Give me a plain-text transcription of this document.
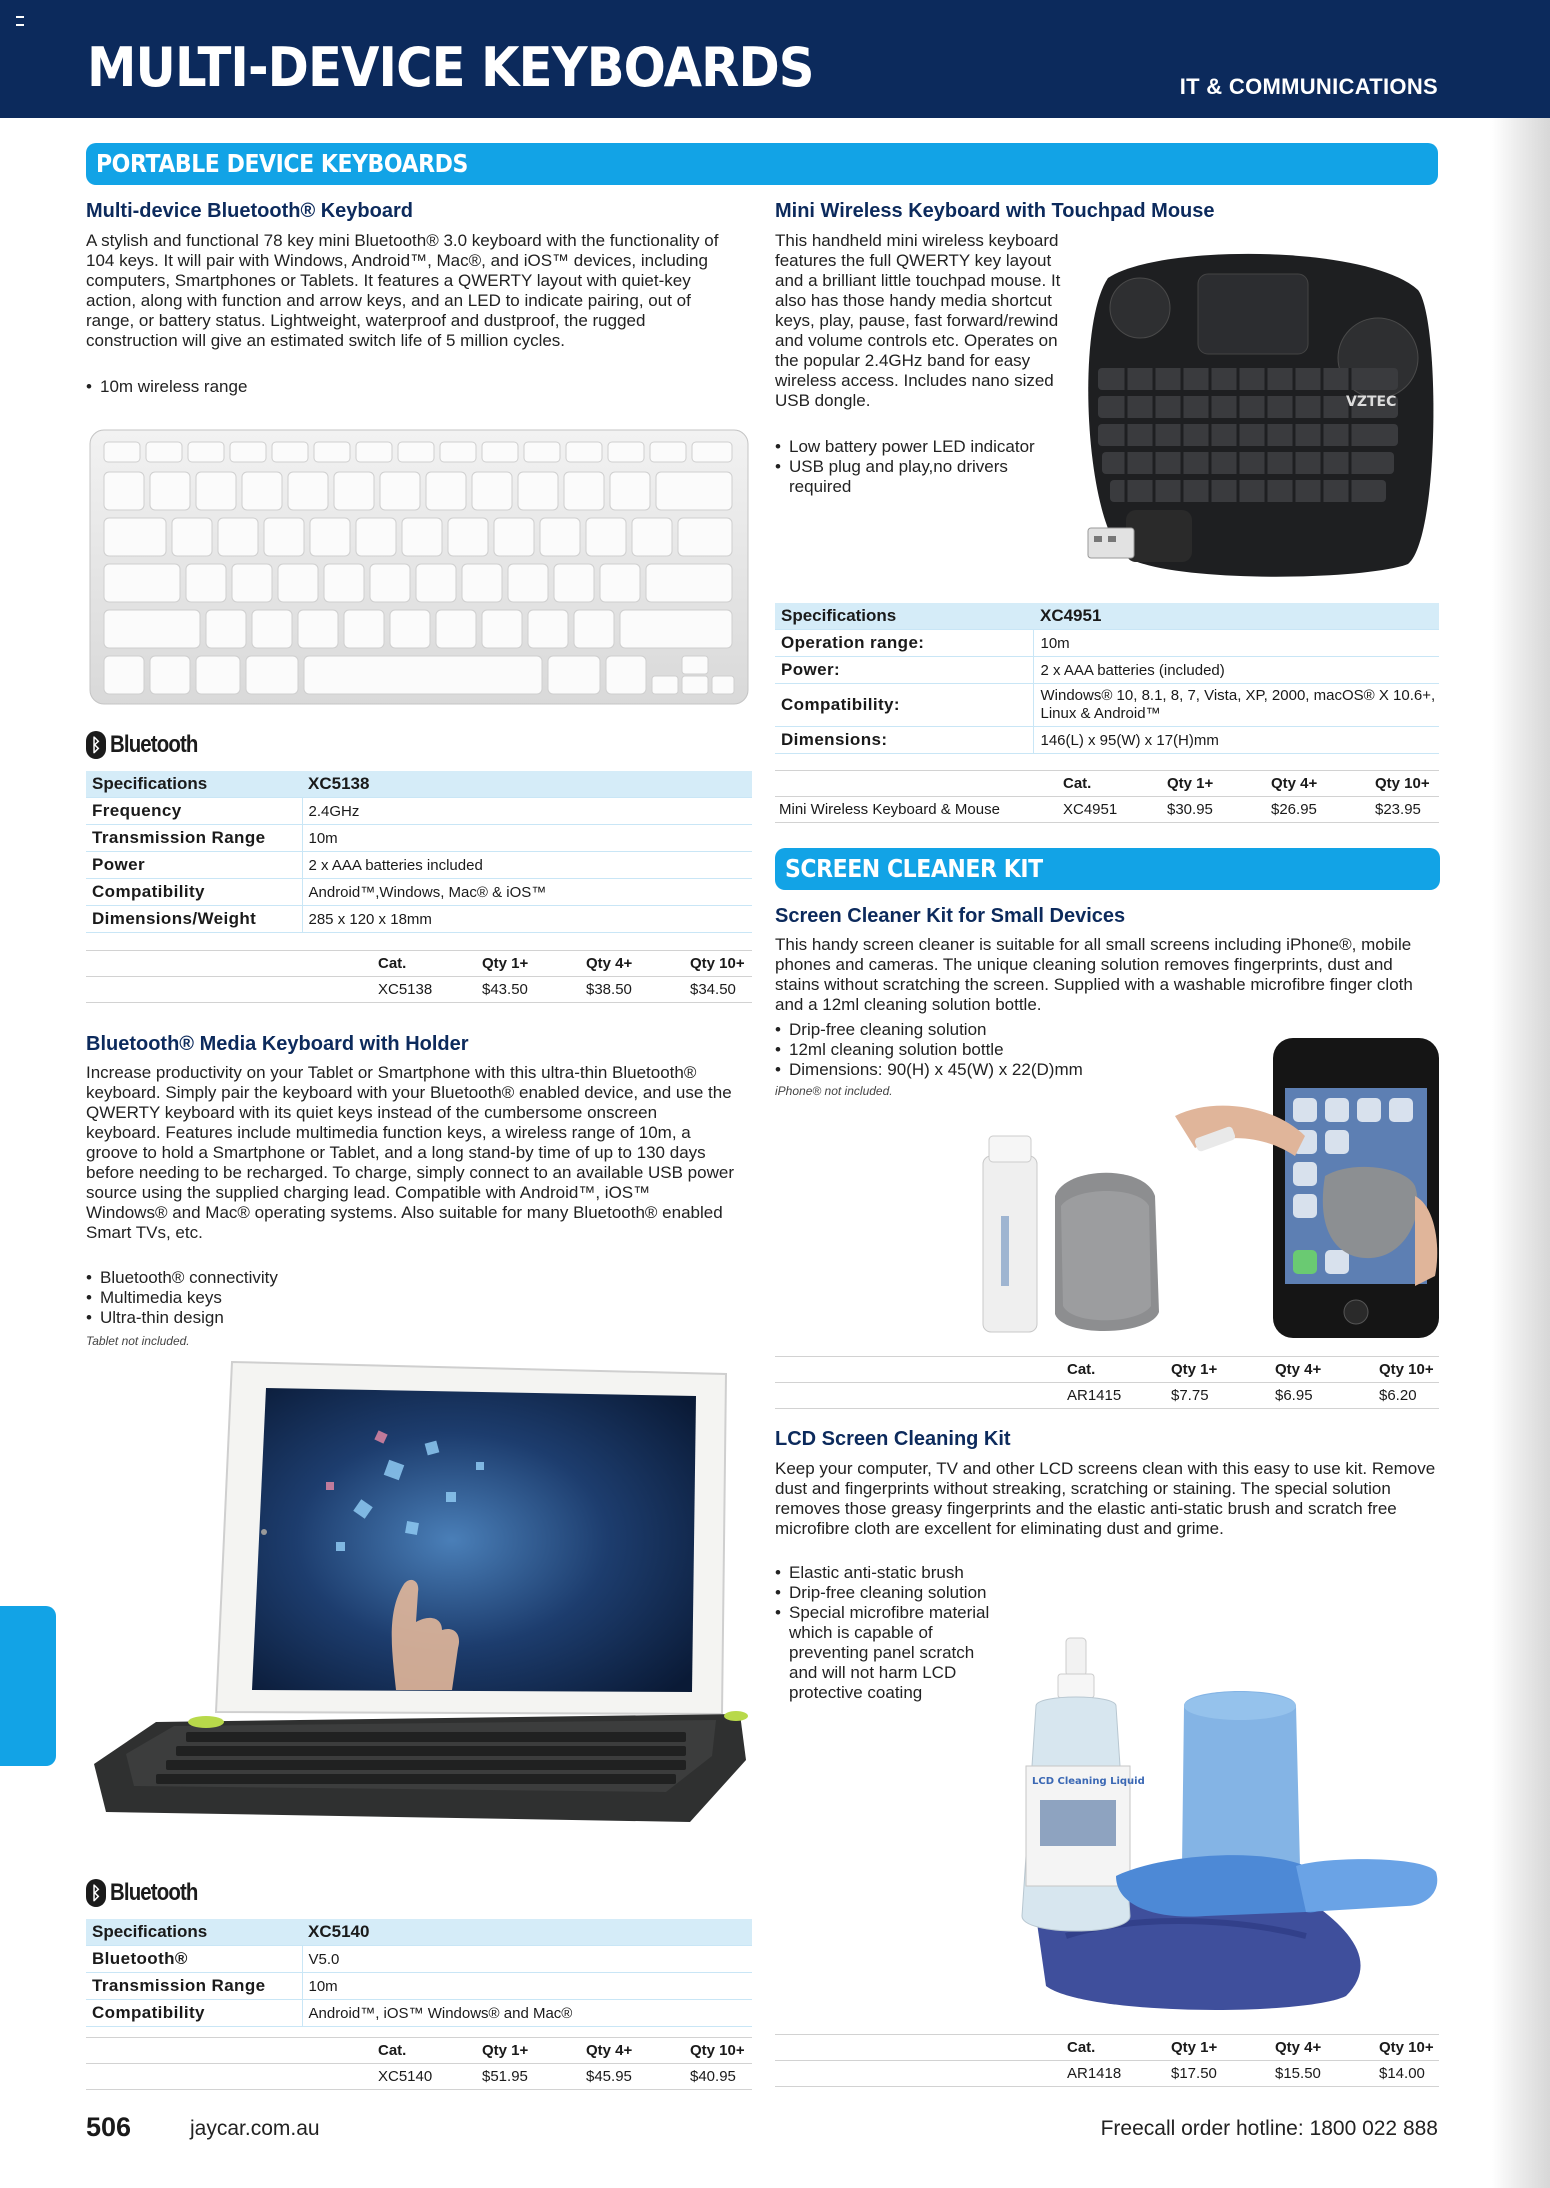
MULTI-DEVICE KEYBOARDS	IT & COMMUNICATIONS
PORTABLE DEVICE KEYBOARDS
Multi-device Bluetooth® Keyboard

A stylish and functional 78 key mini Bluetooth® 3.0 keyboard with the functionality of 104 keys. It will pair with Windows, Android™, Mac®, and iOS™ devices, including computers, Smartphones or Tablets. It features a QWERTY layout with quiet-key action, along with function and arrow keys, and an LED to indicate pairing, out of range, or battery status. Lightweight, waterproof and dustproof, the rugged construction will give an estimated switch life of 5 million cycles.

• 10m wireless range
ᛒ Bluetooth
Specifications	XC5138
Frequency	2.4GHz
Transmission Range	10m
Power	2 x AAA batteries included
Compatibility	Android™,Windows, Mac® & iOS™
Dimensions/Weight	285 x 120 x 18mm
	Cat.	Qty 1+	Qty 4+	Qty 10+
	XC5138	$43.50	$38.50	$34.50
Bluetooth® Media Keyboard with Holder

Increase productivity on your Tablet or Smartphone with this ultra-thin Bluetooth® keyboard. Simply pair the keyboard with your Bluetooth® enabled device, and use the QWERTY keyboard with its quiet keys instead of the cumbersome onscreen keyboard. Features include multimedia function keys, a wireless range of 10m, a groove to hold a Smartphone or Tablet, and a long stand-by time of up to 130 days before needing to be recharged. To charge, simply connect to an available USB power source using the supplied charging lead. Compatible with Android™, iOS™ Windows® and Mac® operating systems. Also suitable for many Bluetooth® enabled Smart TVs, etc.

• Bluetooth® connectivity
• Multimedia keys
• Ultra-thin design
Tablet not included.
ᛒ Bluetooth
Specifications	XC5140
Bluetooth®	V5.0
Transmission Range	10m
Compatibility	Android™, iOS™ Windows® and Mac®
	Cat.	Qty 1+	Qty 4+	Qty 10+
	XC5140	$51.95	$45.95	$40.95
Mini Wireless Keyboard with Touchpad Mouse

This handheld mini wireless keyboard features the full QWERTY key layout and a brilliant little touchpad mouse. It also has those handy media shortcut keys, play, pause, fast forward/rewind and volume controls etc. Operates on the popular 2.4GHz band for easy wireless access. Includes nano sized USB dongle.

• Low battery power LED indicator
• USB plug and play,no drivers required
VZTEC
Specifications	XC4951
Operation range:	10m
Power:	2 x AAA batteries (included)
Compatibility:	Windows® 10, 8.1, 8, 7, Vista, XP, 2000, macOS® X 10.6+, Linux & Android™
Dimensions:	146(L) x 95(W) x 17(H)mm
	Cat.	Qty 1+	Qty 4+	Qty 10+
Mini Wireless Keyboard & Mouse	XC4951	$30.95	$26.95	$23.95
SCREEN CLEANER KIT
Screen Cleaner Kit for Small Devices

This handy screen cleaner is suitable for all small screens including iPhone®, mobile phones and cameras. The unique cleaning solution removes fingerprints, dust and stains without scratching the screen. Supplied with a washable microfibre finger cloth and a 12ml cleaning solution bottle.

• Drip-free cleaning solution
• 12ml cleaning solution bottle
• Dimensions: 90(H) x 45(W) x 22(D)mm
iPhone® not included.
	Cat.	Qty 1+	Qty 4+	Qty 10+
	AR1415	$7.75	$6.95	$6.20
LCD Screen Cleaning Kit

Keep your computer, TV and other LCD screens clean with this easy to use kit. Remove dust and fingerprints without streaking, scratching or staining. The special solution removes those greasy fingerprints and the elastic anti-static brush and scratch free microfibre cloth are excellent for eliminating dust and grime.

• Elastic anti-static brush
• Drip-free cleaning solution
• Special microfibre material which is capable of preventing panel scratch and will not harm LCD protective coating
LCD Cleaning Liquid
	Cat.	Qty 1+	Qty 4+	Qty 10+
	AR1418	$17.50	$15.50	$14.00
506	jaycar.com.au	Freecall order hotline: 1800 022 888
